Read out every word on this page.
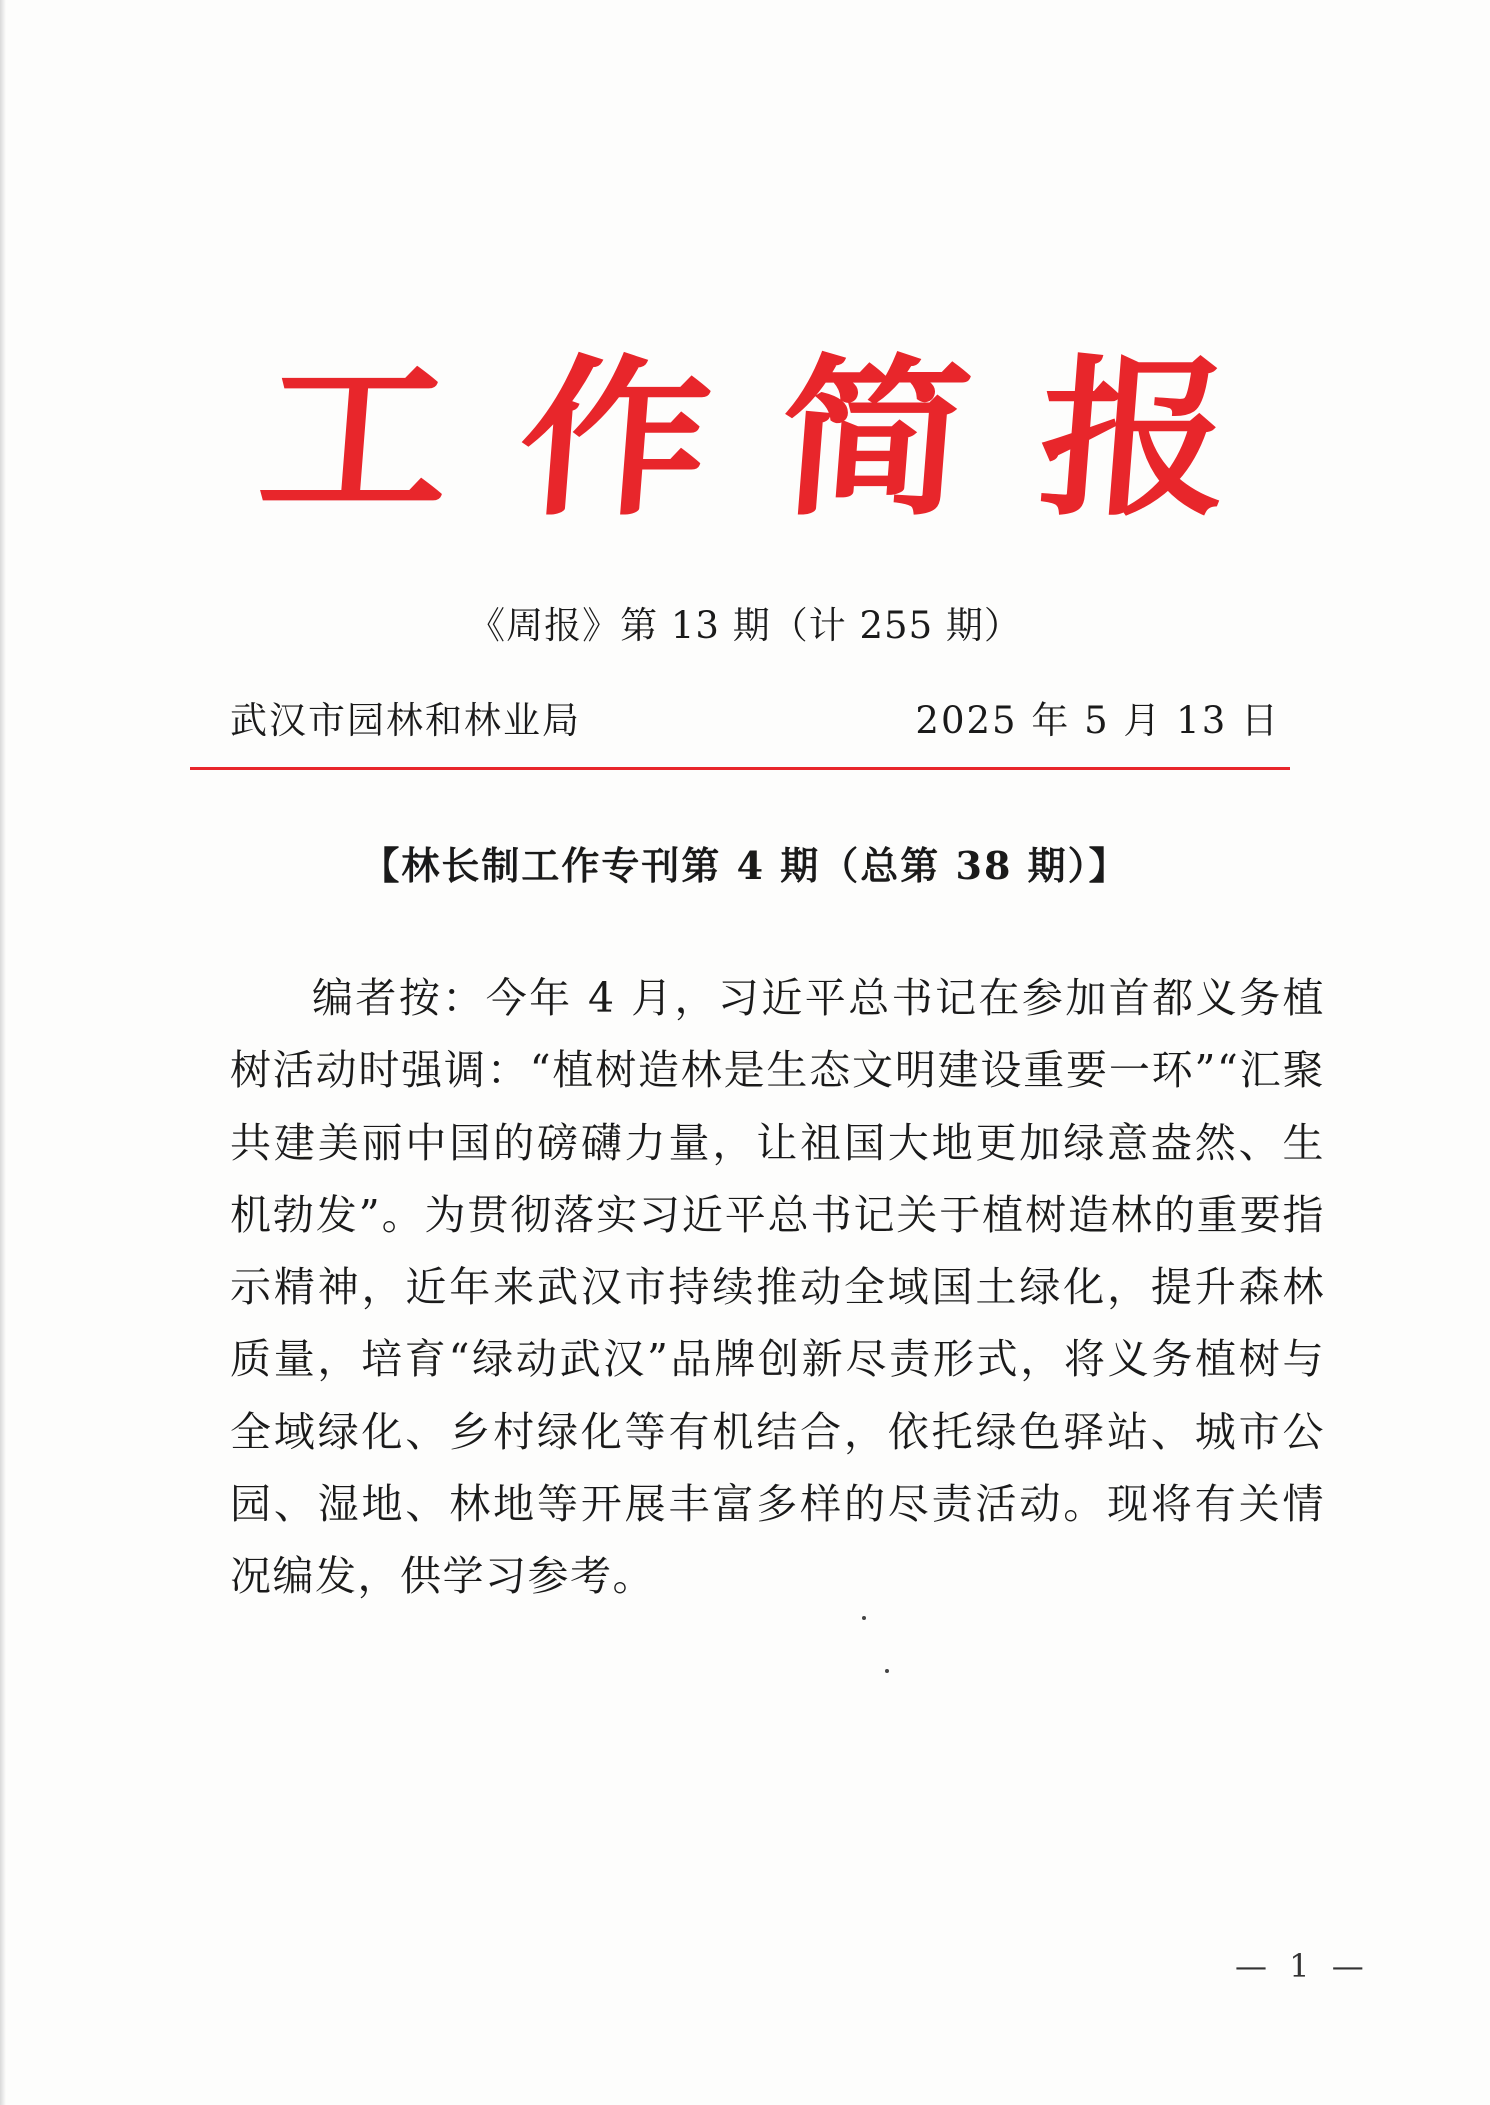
工 作 简 报
《周报》第 13 期（计 255 期）
武汉市园林和林业局	2025 年 5 月 13 日
【林长制工作专刊第 4 期（总第 38 期）】

编者按：今年 4 月，习近平总书记在参加首都义务植树活动时强调：“植树造林是生态文明建设重要一环”“汇聚共建美丽中国的磅礴力量，让祖国大地更加绿意盎然、生机勃发”。为贯彻落实习近平总书记关于植树造林的重要指示精神，近年来武汉市持续推动全域国土绿化，提升森林质量，培育“绿动武汉”品牌创新尽责形式，将义务植树与全域绿化、乡村绿化等有机结合，依托绿色驿站、城市公园、湿地、林地等开展丰富多样的尽责活动。现将有关情况编发，供学习参考。

— 1 —
